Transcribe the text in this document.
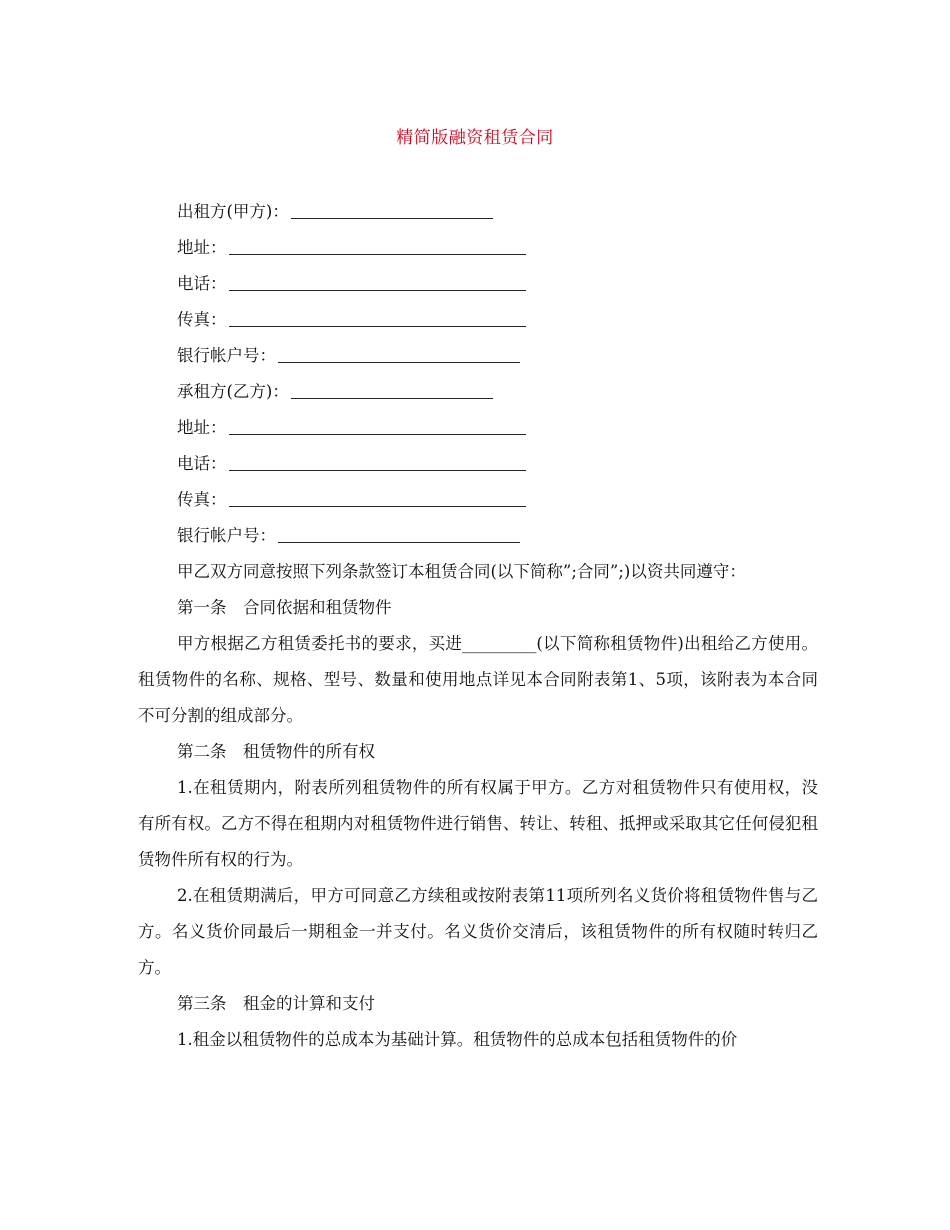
精简版融资租赁合同
出租方(甲方)：
地址：
电话：
传真：
银行帐户号：
承租方(乙方)：
地址：
电话：
传真：
银行帐户号：
甲乙双方同意按照下列条款签订本租赁合同(以下简称”;合同”;)以资共同遵守：
第一条　合同依据和租赁物件
甲方根据乙方租赁委托书的要求，买进_________(以下简称租赁物件)出租给乙方使用。租赁物件的名称、规格、型号、数量和使用地点详见本合同附表第1、5项，该附表为本合同不可分割的组成部分。
第二条　租赁物件的所有权
1.在租赁期内，附表所列租赁物件的所有权属于甲方。乙方对租赁物件只有使用权，没有所有权。乙方不得在租期内对租赁物件进行销售、转让、转租、抵押或采取其它任何侵犯租赁物件所有权的行为。
2.在租赁期满后，甲方可同意乙方续租或按附表第11项所列名义货价将租赁物件售与乙方。名义货价同最后一期租金一并支付。名义货价交清后，该租赁物件的所有权随时转归乙方。
第三条　租金的计算和支付
1.租金以租赁物件的总成本为基础计算。租赁物件的总成本包括租赁物件的价
